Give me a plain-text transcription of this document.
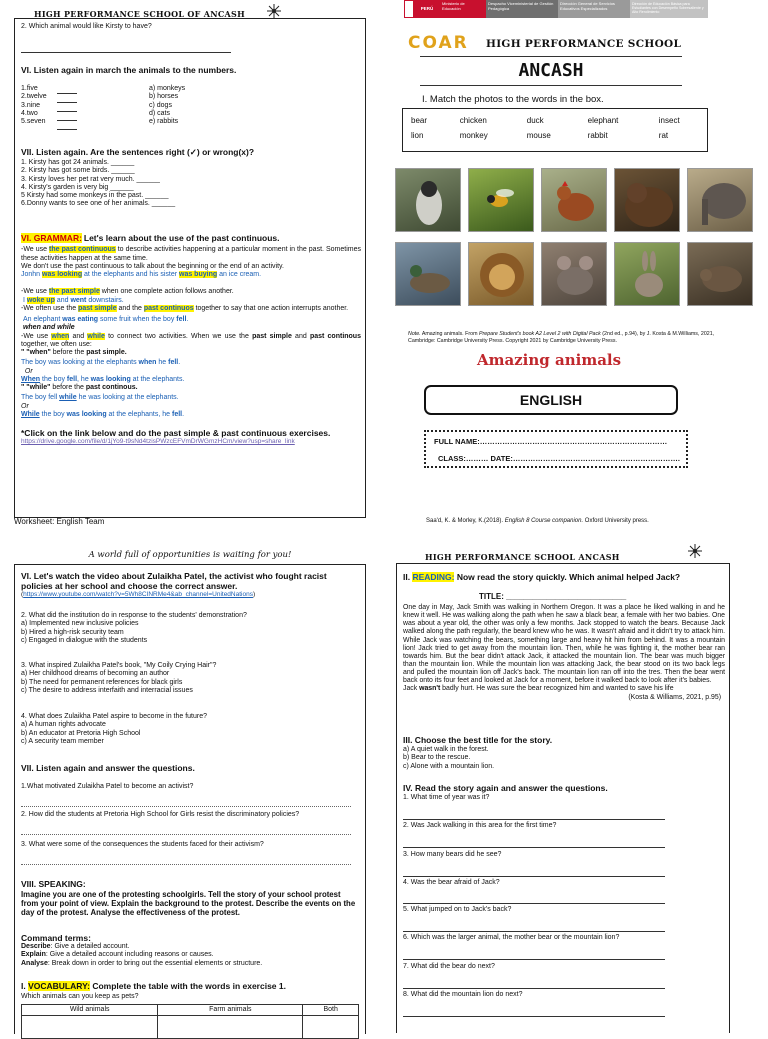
HIGH PERFORMANCE SCHOOL OF ANCASH
2. Which animal would like Kirsty to have?
VI. Listen again in march the animals to the numbers.

1.five

2.twelve

3.nine

4.two

5.seven

a) monkeys

b) horses

c) dogs

d) cats

e) rabbits

VII. Listen again. Are the sentences right (✓) or wrong(x)?

1. Kirsty has got 24 animals. ______

2. Kirsty has got some birds. ______

3. Kirsty loves her pet rat very much. ______

4. Kirsty's garden is very big ______

5 Kirsty had some monkeys in the past. ______

6.Donny wants to see one of her animals. ______

VI. GRAMMAR: Let's learn about the use of the past continuous.
-We use the past continuous to describe activities happening at a particular moment in the past. Sometimes these activities happen at the same time.
We don't use the past continuous to talk about the beginning or the end of an activity.
Jonhn was looking at the elephants and his sister was buying an ice cream.
-We use the past simple when one complete action follows another.
I woke up and went downstairs.
-We often use the past simple and the past continuos together to say that one action interrupts another.
An elephant was eating some fruit when the boy fell.
when and while
-We use when and while to connect two activities. When we use the past simple and past continous together, we often use:
" "when" before the past simple.
The boy was looking at the elephants when he fell.
Or
When the boy fell, he was looking at the elephants.
" "while" before the past continous.
The boy fell while he was looking at the elephants.
Or
While the boy was looking at the elephants, he fell.
*Click on the link below and do the past simple & past continuous exercises.
https://drive.google.com/file/d/1jYo9-t9sNd4tzisPWzcEFVmDrWGmzHCm/view?usp=share_link
Worksheet: English Team
PERÚ
Ministerio de Educación
Despacho Viceministerial de Gestión Pedagógica
Dirección General de Servicios Educativos Especializados
Dirección de Educación Básica para Estudiantes con Desempeño Sobresaliente y Alto Rendimiento
COAR HIGH PERFORMANCE SCHOOL
ANCASH
I. Match the photos to the words in the box.
bear	chicken	duck	elephant	insect
lion	monkey	mouse	rabbit	rat
Note. Amazing animals. From Prepare Student's book A2 Level 2 with Digital Pack (2nd ed., p.94), by J. Kosta & M.Williams, 2021, Cambridge: Cambridge University Press. Copyright 2021 by Cambridge University Press.
Amazing animals
ENGLISH
FULL NAME:…………………………………………………………………
CLASS:……… DATE:………………………………………………………….
Saa'd, K. & Morley, K.(2018). English 8 Course companion. Oxford University press.
A world full of opportunities is waiting for you!
VI. Let's watch the video about Zulaikha Patel, the activist who fought racist policies at her school and choose the correct answer.
(https://www.youtube.com/watch?v=5Wh8CINRMe4&ab_channel=UnitedNations)

2. What did the institution do in response to the students' demonstration?

a) Implemented new inclusive policies

b) Hired a high-risk security team

c) Engaged in dialogue with the students

3. What inspired Zulaikha Patel's book, "My Coily Crying Hair"?

a) Her childhood dreams of becoming an author

b) The need for permanent references for black girls

c) The desire to address interfaith and interracial issues

4. What does Zulaikha Patel aspire to become in the future?

a) A human rights advocate

b) An educator at Pretoria High School

c) A security team member

VII. Listen again and answer the questions.
1.What motivated Zulaikha Patel to become an activist?
2. How did the students at Pretoria High School for Girls resist the discriminatory policies?
3. What were some of the consequences the students faced for their activism?
VIII. SPEAKING:
Imagine you are one of the protesting schoolgirls. Tell the story of your school protest from your point of view. Explain the background to the protest. Describe the events on the day of the protest. Analyse the effectiveness of the protest.
Command terms:

Describe: Give a detailed account.

Explain: Give a detailed account including reasons or causes.

Analyse: Break down in order to bring out the essential elements or structure.

I. VOCABULARY: Complete the table with the words in exercise 1.
Which animals can you keep as pets?
Wild animals	Farm animals	Both

HIGH PERFORMANCE SCHOOL ANCASH
II. READING: Now read the story quickly. Which animal helped Jack?
TITLE: ___________________________
One day in May, Jack Smith was walking in Northern Oregon. It was a place he liked walking in and he knew it well. He was walking along the path when he saw a black bear, a female with her two babies. One was about a year old, the other was only a few months. Jack stopped to watch the bears. Because Jack walked along the path regularly, the beard knew who he was. It wasn't afraid and it didn't try to attack him. While Jack was watching the bears, something large and heavy hit him from behind. It was a mountain lion! Jack tried to get away from the mountain lion. Then, while he was fighting it, the mother bear ran towards him. But the bear didn't attack Jack, it attacked the mountain lion. The bear was much bigger than the mountain lion. While the mountain lion was attacking Jack, the bear stood on its two back legs and pulled the mountain lion off Jack's back. The mountain lion ran off into the tres. Then the bear went back onto its four feet and looked at Jack for a moment, before it walked back to look after it's babies.
Jack wasn't badly hurt. He was sure the bear recognized him and wanted to save his life
(Kosta & Williams, 2021, p.95)
III. Choose the best title for the story.

a) A quiet walk in the forest.

b) Bear to the rescue.

c) Alone with a mountain lion.

IV. Read the story again and answer the questions.
1. What time of year was it?
2. Was Jack walking in this area for the first time?
3. How many bears did he see?
4. Was the bear afraid of Jack?
5. What jumped on to Jack's back?
6. Which was the larger animal, the mother bear or the mountain lion?
7. What did the bear do next?
8. What did the mountain lion do next?
